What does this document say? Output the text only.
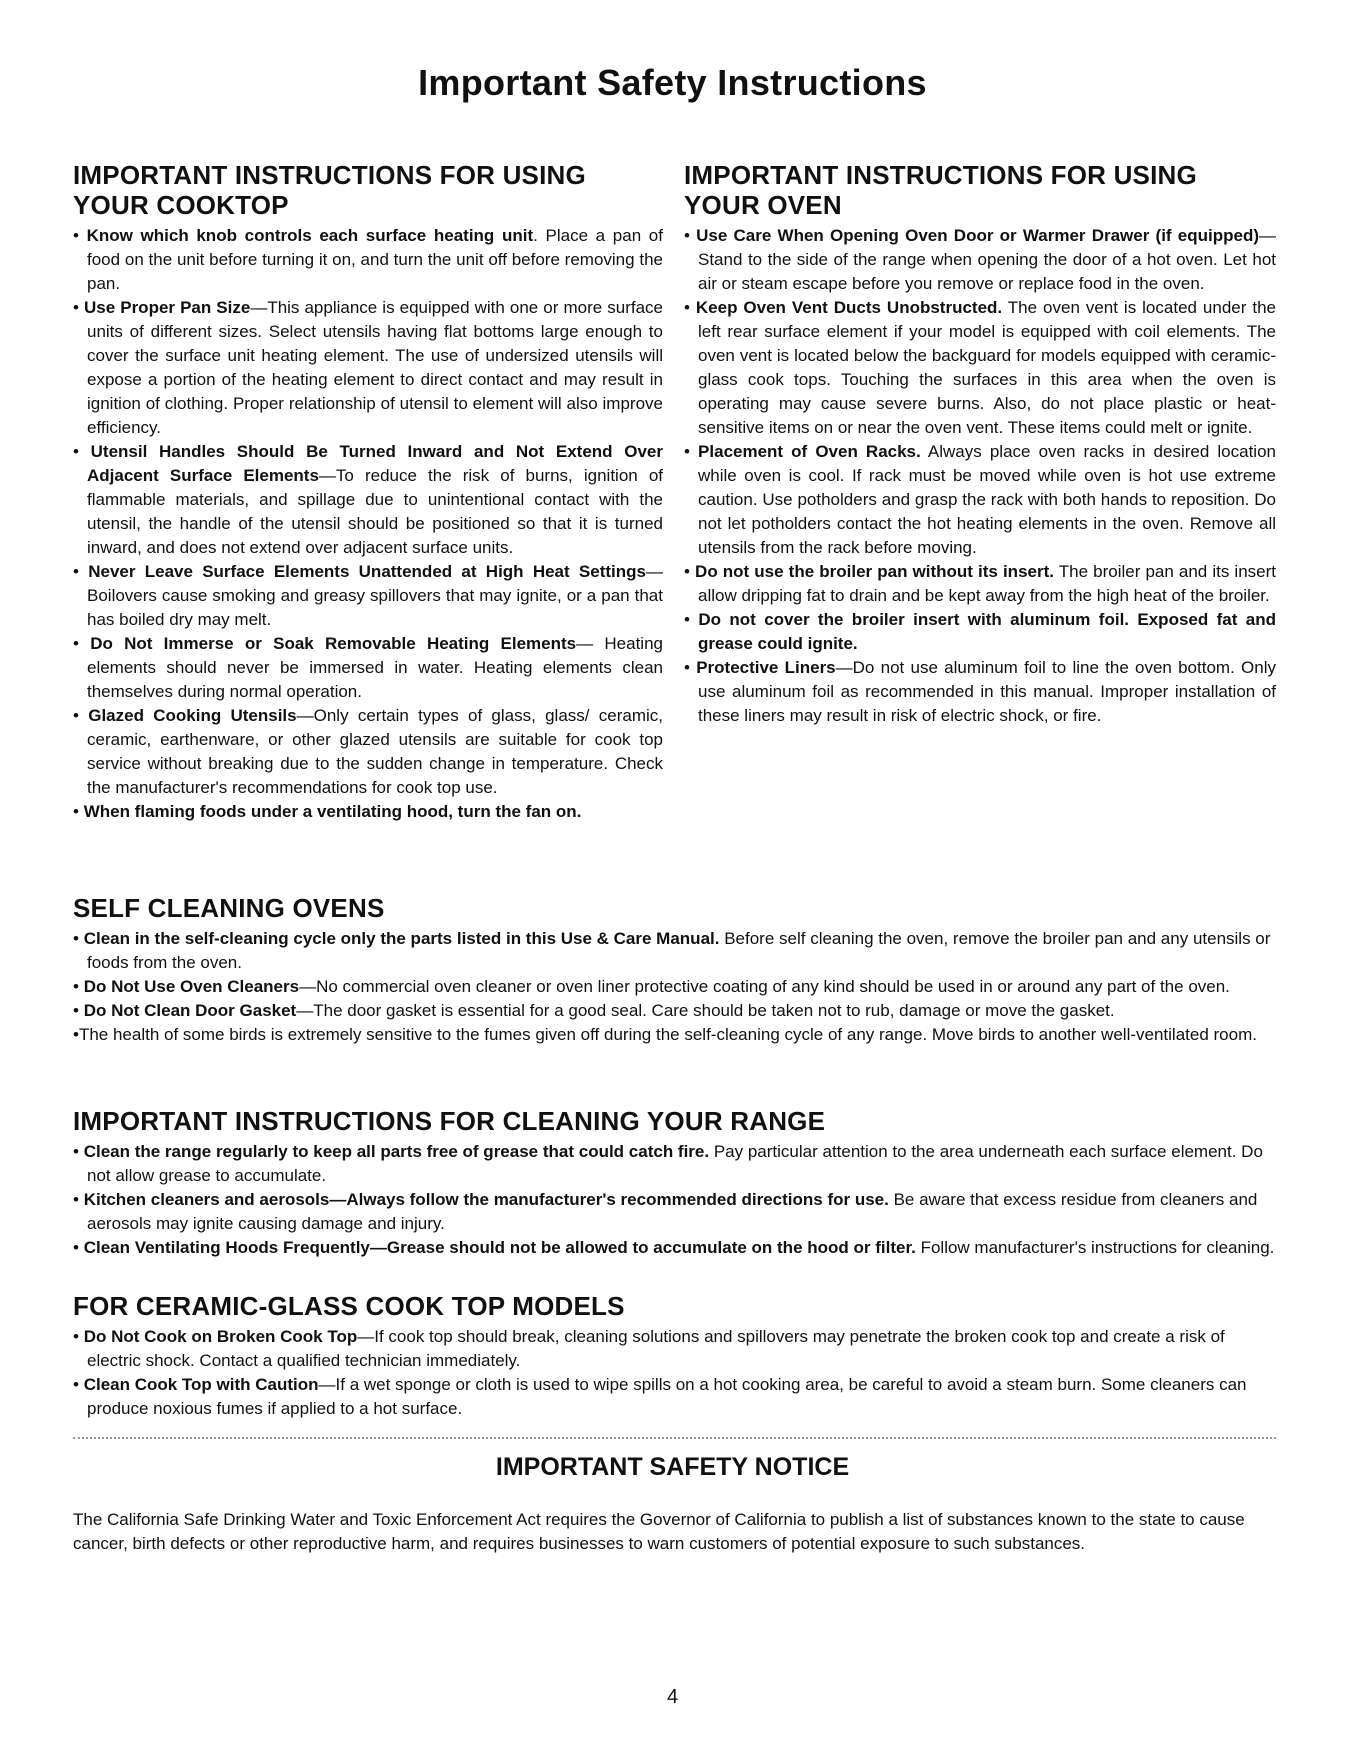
Important Safety Instructions
IMPORTANT INSTRUCTIONS FOR USING YOUR COOKTOP
• Know which knob controls each surface heating unit. Place a pan of food on the unit before turning it on, and turn the unit off before removing the pan.
• Use Proper Pan Size—This appliance is equipped with one or more surface units of different sizes. Select utensils having flat bottoms large enough to cover the surface unit heating element. The use of undersized utensils will expose a portion of the heating element to direct contact and may result in ignition of clothing. Proper relationship of utensil to element will also improve efficiency.
• Utensil Handles Should Be Turned Inward and Not Extend Over Adjacent Surface Elements—To reduce the risk of burns, ignition of flammable materials, and spillage due to unintentional contact with the utensil, the handle of the utensil should be positioned so that it is turned inward, and does not extend over adjacent surface units.
• Never Leave Surface Elements Unattended at High Heat Settings—Boilovers cause smoking and greasy spillovers that may ignite, or a pan that has boiled dry may melt.
• Do Not Immerse or Soak Removable Heating Elements— Heating elements should never be immersed in water. Heating elements clean themselves during normal operation.
• Glazed Cooking Utensils—Only certain types of glass, glass/ ceramic, ceramic, earthenware, or other glazed utensils are suitable for cook top service without breaking due to the sudden change in temperature. Check the manufacturer's recommendations for cook top use.
• When flaming foods under a ventilating hood, turn the fan on.
IMPORTANT INSTRUCTIONS FOR USING YOUR OVEN
• Use Care When Opening Oven Door or Warmer Drawer (if equipped)—Stand to the side of the range when opening the door of a hot oven. Let hot air or steam escape before you remove or replace food in the oven.
• Keep Oven Vent Ducts Unobstructed. The oven vent is located under the left rear surface element if your model is equipped with coil elements. The oven vent is located below the backguard for models equipped with ceramic-glass cook tops. Touching the surfaces in this area when the oven is operating may cause severe burns. Also, do not place plastic or heat-sensitive items on or near the oven vent. These items could melt or ignite.
• Placement of Oven Racks. Always place oven racks in desired location while oven is cool. If rack must be moved while oven is hot use extreme caution. Use potholders and grasp the rack with both hands to reposition. Do not let potholders contact the hot heating elements in the oven. Remove all utensils from the rack before moving.
• Do not use the broiler pan without its insert. The broiler pan and its insert allow dripping fat to drain and be kept away from the high heat of the broiler.
• Do not cover the broiler insert with aluminum foil. Exposed fat and grease could ignite.
• Protective Liners—Do not use aluminum foil to line the oven bottom. Only use aluminum foil as recommended in this manual. Improper installation of these liners may result in risk of electric shock, or fire.
SELF CLEANING OVENS
• Clean in the self-cleaning cycle only the parts listed in this Use & Care Manual. Before self cleaning the oven, remove the broiler pan and any utensils or foods from the oven.
• Do Not Use Oven Cleaners—No commercial oven cleaner or oven liner protective coating of any kind should be used in or around any part of the oven.
• Do Not Clean Door Gasket—The door gasket is essential for a good seal. Care should be taken not to rub, damage or move the gasket.
•The health of some birds is extremely sensitive to the fumes given off during the self-cleaning cycle of any range. Move birds to another well-ventilated room.
IMPORTANT INSTRUCTIONS FOR CLEANING YOUR RANGE
• Clean the range regularly to keep all parts free of grease that could catch fire. Pay particular attention to the area underneath each surface element. Do not allow grease to accumulate.
• Kitchen cleaners and aerosols—Always follow the manufacturer's recommended directions for use. Be aware that excess residue from cleaners and aerosols may ignite causing damage and injury.
• Clean Ventilating Hoods Frequently—Grease should not be allowed to accumulate on the hood or filter. Follow manufacturer's instructions for cleaning.
FOR CERAMIC-GLASS COOK TOP MODELS
• Do Not Cook on Broken Cook Top—If cook top should break, cleaning solutions and spillovers may penetrate the broken cook top and create a risk of electric shock. Contact a qualified technician immediately.
• Clean Cook Top with Caution—If a wet sponge or cloth is used to wipe spills on a hot cooking area, be careful to avoid a steam burn. Some cleaners can produce noxious fumes if applied to a hot surface.
IMPORTANT SAFETY NOTICE
The California Safe Drinking Water and Toxic Enforcement Act requires the Governor of California to publish a list of substances known to the state to cause cancer, birth defects or other reproductive harm, and requires businesses to warn customers of potential exposure to such substances.
4
